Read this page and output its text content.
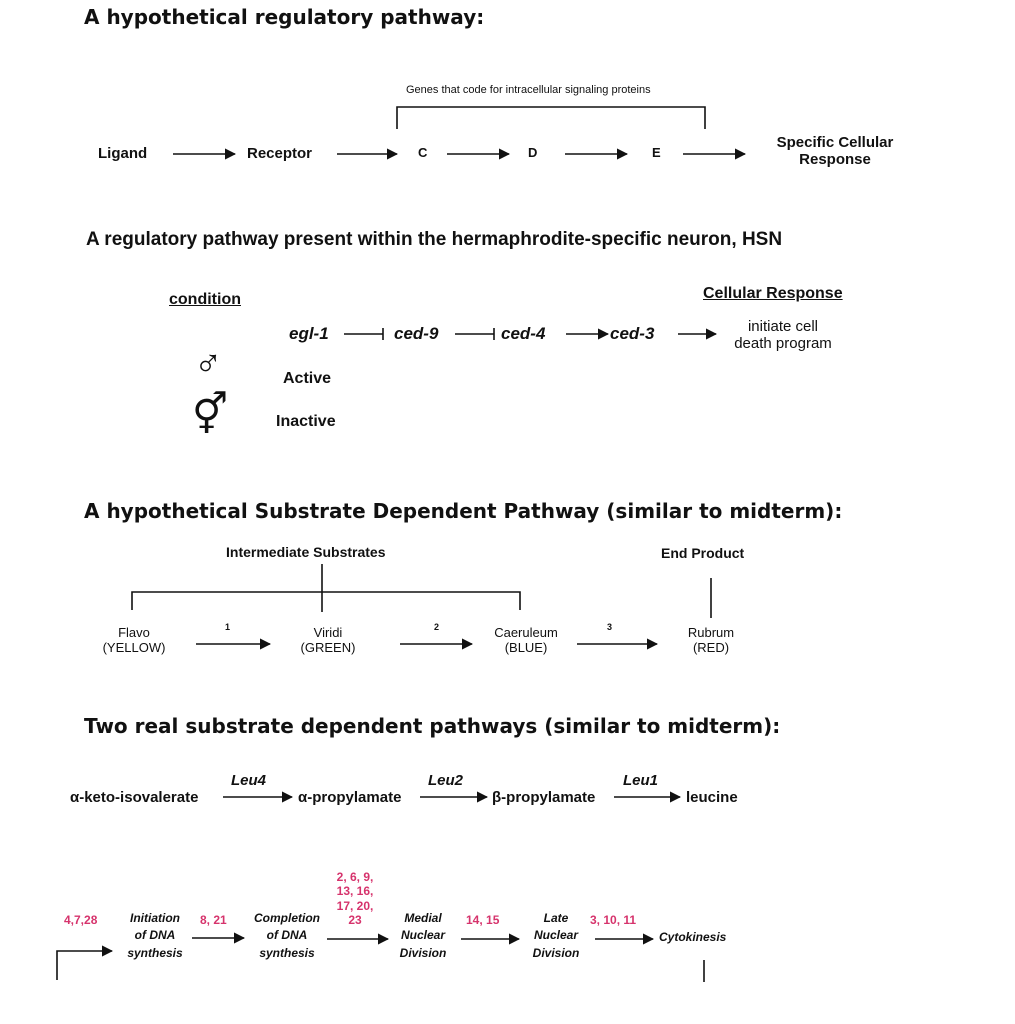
A hypothetical regulatory pathway:
Genes that code for intracellular signaling proteins
Ligand	Receptor	C	D	E
Specific Cellular
Response
A regulatory pathway present within the hermaphrodite-specific neuron, HSN
condition	Cellular Response
egl-1	ced-9	ced-4	ced-3	initiate cell
death program
♂	Active
⚥	Inactive
A hypothetical Substrate Dependent Pathway (similar to midterm):
Intermediate Substrates	End Product
Flavo
(YELLOW)
Viridi
(GREEN)
Caeruleum
(BLUE)
Rubrum
(RED)
1	2	3
Two real substrate dependent pathways (similar to midterm):
Leu4	Leu2	Leu1
α-keto-isovalerate	α-propylamate	β-propylamate	leucine
4,7,28	Initiation
of DNA
synthesis
8, 21	Completion
of DNA
synthesis
2, 6, 9,
13, 16,
17, 20,
23	Medial
Nuclear
Division
14, 15	Late
Nuclear
Division
3, 10, 11
Cytokinesis
